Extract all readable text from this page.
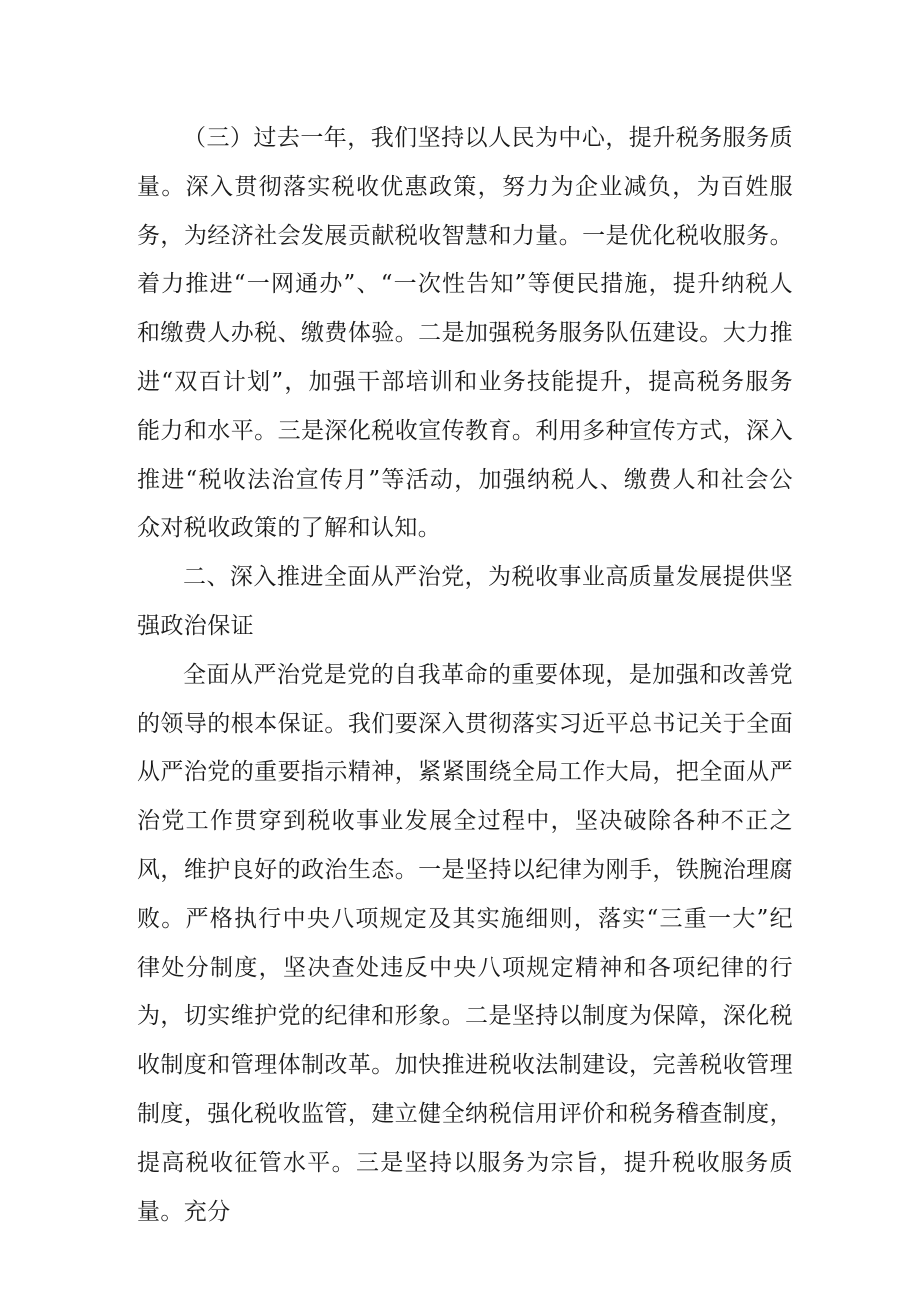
（三）过去一年，我们坚持以人民为中心，提升税务服务质量。深入贯彻落实税收优惠政策，努力为企业减负，为百姓服务，为经济社会发展贡献税收智慧和力量。一是优化税收服务。着力推进“一网通办”、“一次性告知”等便民措施，提升纳税人和缴费人办税、缴费体验。二是加强税务服务队伍建设。大力推进“双百计划”，加强干部培训和业务技能提升，提高税务服务能力和水平。三是深化税收宣传教育。利用多种宣传方式，深入推进“税收法治宣传月”等活动，加强纳税人、缴费人和社会公众对税收政策的了解和认知。

二、深入推进全面从严治党，为税收事业高质量发展提供坚强政治保证

全面从严治党是党的自我革命的重要体现，是加强和改善党的领导的根本保证。我们要深入贯彻落实习近平总书记关于全面从严治党的重要指示精神，紧紧围绕全局工作大局，把全面从严治党工作贯穿到税收事业发展全过程中，坚决破除各种不正之风，维护良好的政治生态。一是坚持以纪律为刚手，铁腕治理腐败。严格执行中央八项规定及其实施细则，落实“三重一大”纪律处分制度，坚决查处违反中央八项规定精神和各项纪律的行为，切实维护党的纪律和形象。二是坚持以制度为保障，深化税收制度和管理体制改革。加快推进税收法制建设，完善税收管理制度，强化税收监管，建立健全纳税信用评价和税务稽查制度，提高税收征管水平。三是坚持以服务为宗旨，提升税收服务质量。充分
